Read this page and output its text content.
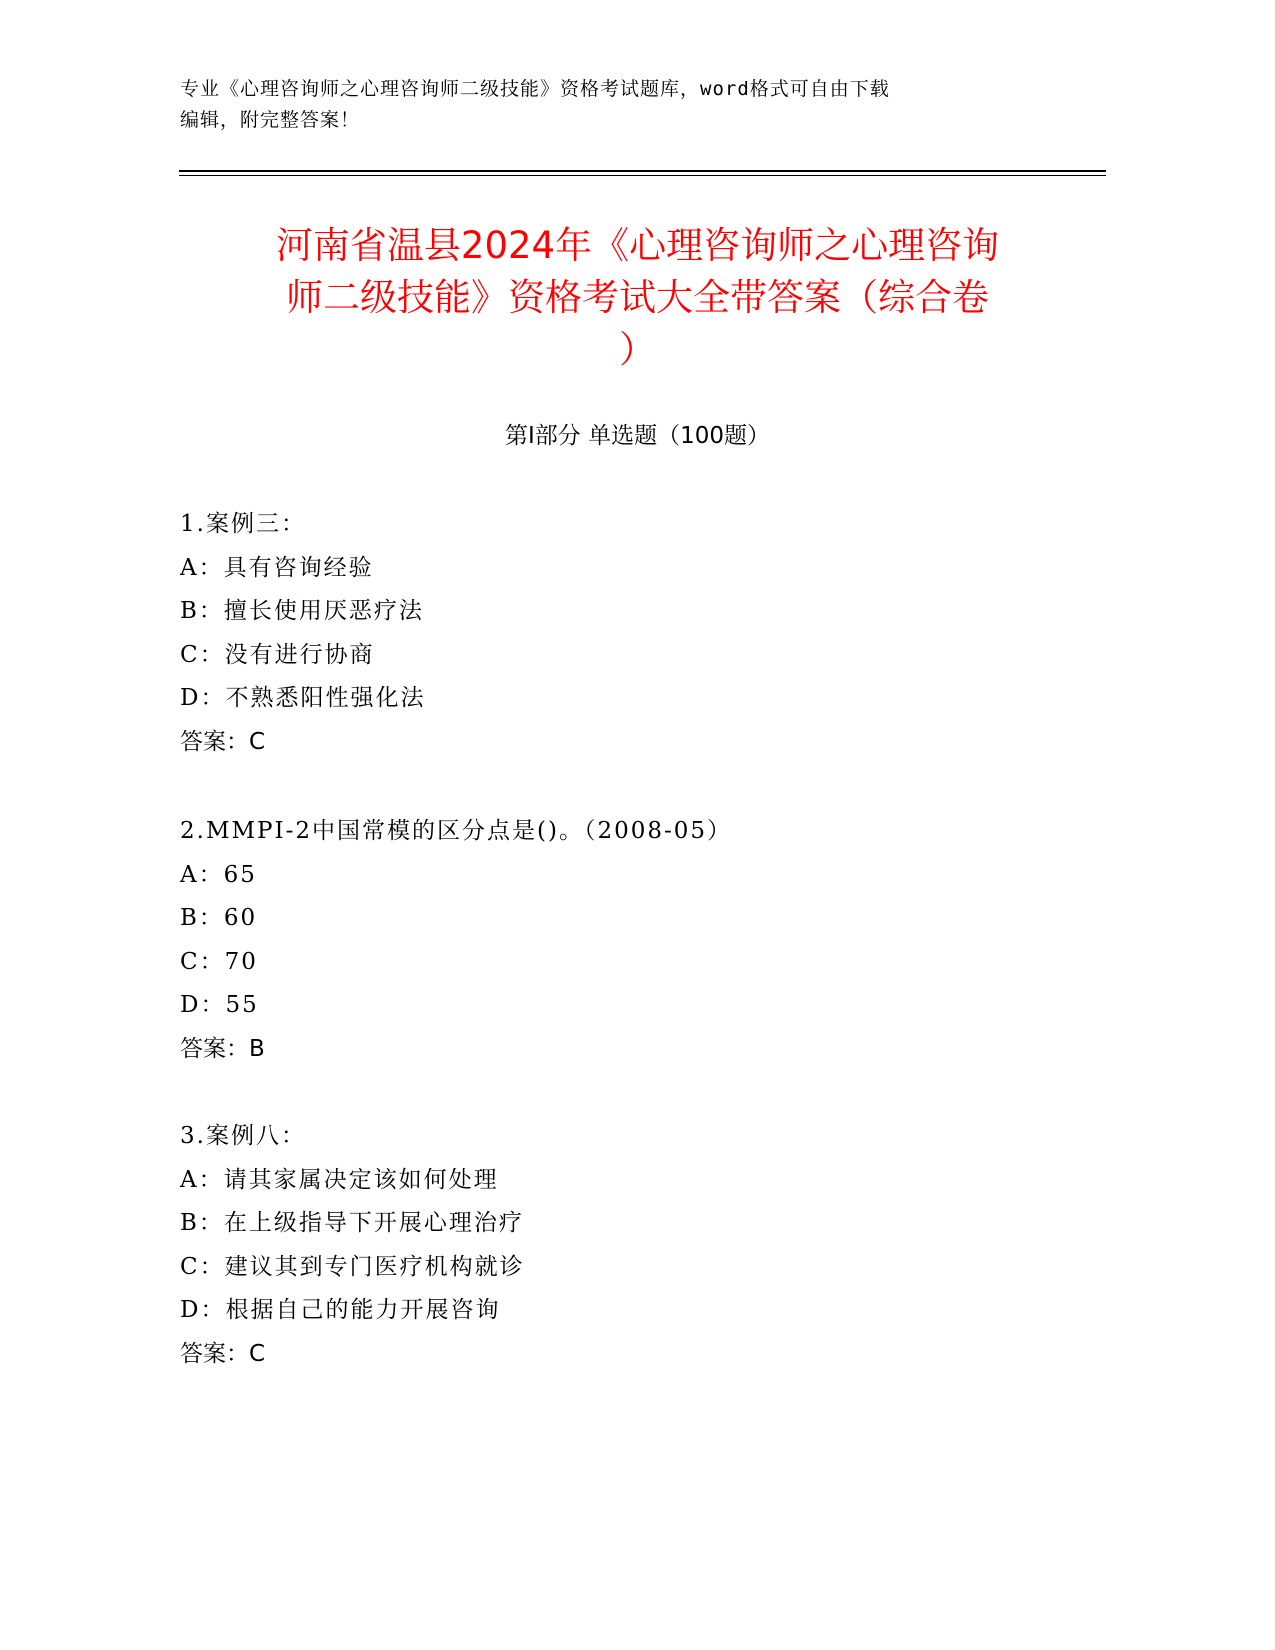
专业《心理咨询师之心理咨询师二级技能》资格考试题库，word格式可自由下载
编辑，附完整答案！
河南省温县2024年《心理咨询师之心理咨询
师二级技能》资格考试大全带答案（综合卷
）
第Ⅰ部分 单选题（100题）
1.案例三：
A：具有咨询经验
B：擅长使用厌恶疗法
C：没有进行协商
D：不熟悉阳性强化法
答案：C
2.MMPI-2中国常模的区分点是()。（2008-05）
A：65
B：60
C：70
D：55
答案：B
3.案例八：
A：请其家属决定该如何处理
B：在上级指导下开展心理治疗
C：建议其到专门医疗机构就诊
D：根据自己的能力开展咨询
答案：C
